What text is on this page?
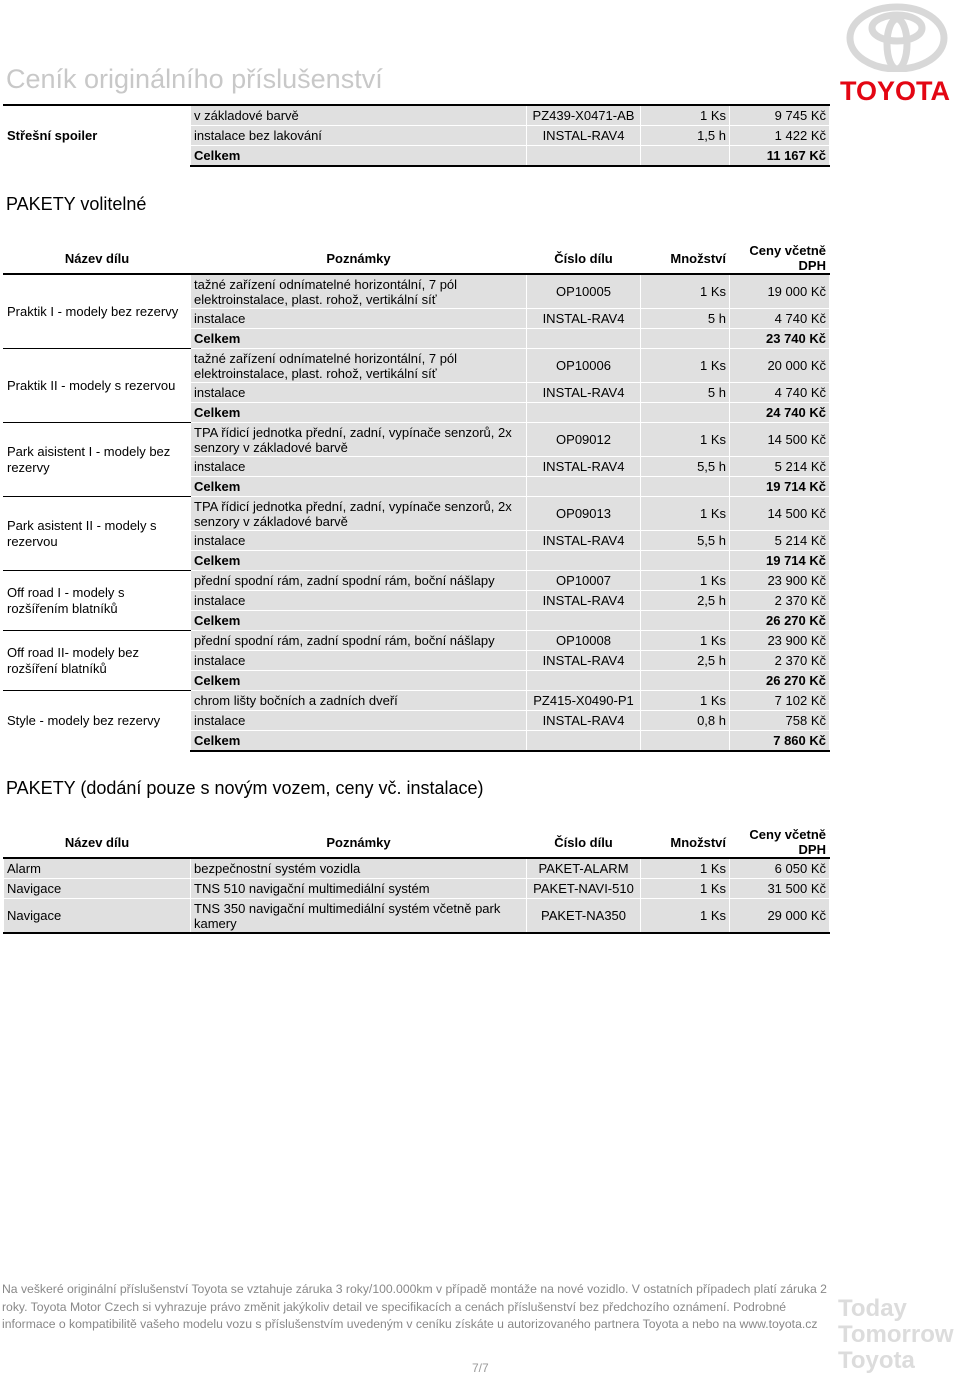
Ceník originálního příslušenství	TOYOTA
Střešní spoiler	v základové barvě	PZ439-X0471-AB	1 Ks	9 745 Kč
	instalace bez lakování	INSTAL-RAV4	1,5 h	1 422 Kč
	Celkem			11 167 Kč
PAKETY volitelné
Název dílu	Poznámky	Číslo dílu	Množství	Ceny včetně DPH
Praktik I - modely bez rezervy	tažné zařízení odnímatelné horizontální, 7 pól elektroinstalace, plast. rohož, vertikální síť	OP10005	1 Ks	19 000 Kč
	instalace	INSTAL-RAV4	5 h	4 740 Kč
	Celkem			23 740 Kč
Praktik II - modely s rezervou	tažné zařízení odnímatelné horizontální, 7 pól elektroinstalace, plast. rohož, vertikální síť	OP10006	1 Ks	20 000 Kč
	instalace	INSTAL-RAV4	5 h	4 740 Kč
	Celkem			24 740 Kč
Park aisistent I - modely bez rezervy	TPA řídicí jednotka přední, zadní, vypínače senzorů, 2x senzory v základové barvě	OP09012	1 Ks	14 500 Kč
	instalace	INSTAL-RAV4	5,5 h	5 214 Kč
	Celkem			19 714 Kč
Park asistent II - modely s rezervou	TPA řídicí jednotka přední, zadní, vypínače senzorů, 2x senzory v základové barvě	OP09013	1 Ks	14 500 Kč
	instalace	INSTAL-RAV4	5,5 h	5 214 Kč
	Celkem			19 714 Kč
Off road I - modely s rozšířením blatníků	přední spodní rám, zadní spodní rám, boční nášlapy	OP10007	1 Ks	23 900 Kč
	instalace	INSTAL-RAV4	2,5 h	2 370 Kč
	Celkem			26 270 Kč
Off road II- modely bez rozšíření blatníků	přední spodní rám, zadní spodní rám, boční nášlapy	OP10008	1 Ks	23 900 Kč
	instalace	INSTAL-RAV4	2,5 h	2 370 Kč
	Celkem			26 270 Kč
Style - modely bez rezervy	chrom lišty bočních a zadních dveří	PZ415-X0490-P1	1 Ks	7 102 Kč
	instalace	INSTAL-RAV4	0,8 h	758 Kč
	Celkem			7 860 Kč
PAKETY (dodání pouze s novým vozem, ceny vč. instalace)
Název dílu	Poznámky	Číslo dílu	Množství	Ceny včetně DPH
Alarm	bezpečnostní systém vozidla	PAKET-ALARM	1 Ks	6 050 Kč
Navigace	TNS 510 navigační multimediální systém	PAKET-NAVI-510	1 Ks	31 500 Kč
Navigace	TNS 350 navigační multimediální systém včetně park kamery	PAKET-NA350	1 Ks	29 000 Kč
Na veškeré originální příslušenství Toyota se vztahuje záruka 3 roky/100.000km v případě montáže na nové vozidlo. V ostatních případech platí záruka 2 roky. Toyota Motor Czech si vyhrazuje právo změnit jakýkoliv detail ve specifikacích a cenách příslušenství bez předchozího oznámení. Podrobné informace o kompatibilitě vašeho modelu vozu s příslušenstvím uvedeným v ceníku získáte u autorizovaného partnera Toyota a nebo na www.toyota.cz
7/7
Today
Tomorrow
Toyota
